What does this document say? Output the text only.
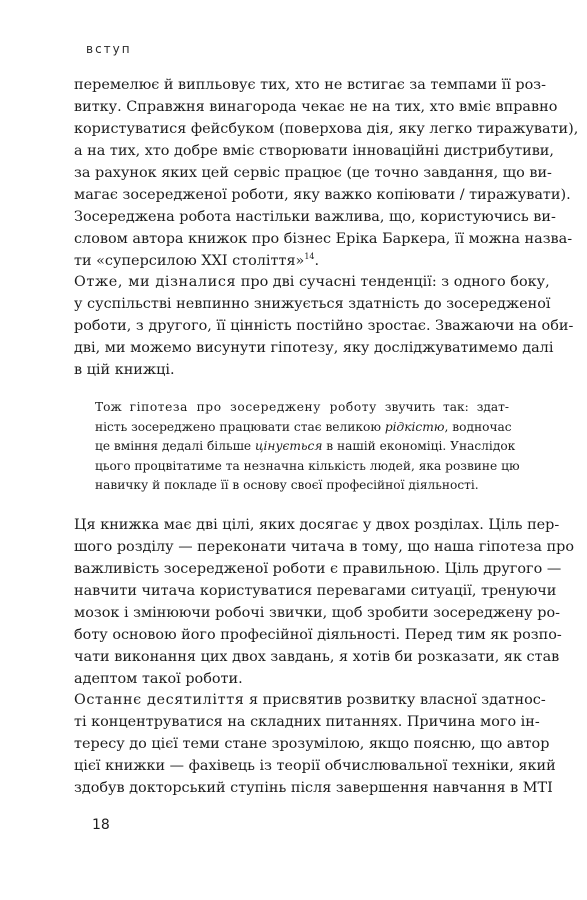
вступ

перемелює й випльовує тих, хто не встигає за темпами її роз-
витку. Справжня винагорода чекає не на тих, хто вміє вправно
користуватися фейсбуком (поверхова дія, яку легко тиражувати),
а на тих, хто добре вміє створювати інноваційні дистрибутиви,
за рахунок яких цей сервіс працює (це точно завдання, що ви-
магає зосередженої роботи, яку важко копіювати / тиражувати).
Зосереджена робота настільки важлива, що, користуючись ви-
словом автора книжок про бізнес Еріка Баркера, її можна назва-
ти «суперсилою XXI століття»$^{14}$.

Отже, ми дізналися про дві сучасні тенденції: з одного боку,
у суспільстві невпинно знижується здатність до зосередженої
роботи, з другого, її цінність постійно зростає. Зважаючи на оби-
дві, ми можемо висунути гіпотезу, яку досліджуватимемо далі
в цій книжці.

Тож гіпотеза про зосереджену роботу звучить так: здат-
ність зосереджено працювати стає великою рідкістю, водночас
це вміння дедалі більше цінується в нашій економіці. Унаслідок
цього процвітатиме та незначна кількість людей, яка розвине цю
навичку й покладе її в основу своєї професійної діяльності.

Ця книжка має дві цілі, яких досягає у двох розділах. Ціль пер-
шого розділу — переконати читача в тому, що наша гіпотеза про
важливість зосередженої роботи є правильною. Ціль другого —
навчити читача користуватися перевагами ситуації, тренуючи
мозок і змінюючи робочі звички, щоб зробити зосереджену ро-
боту основою його професійної діяльності. Перед тим як розпо-
чати виконання цих двох завдань, я хотів би розказати, як став
адептом такої роботи.

Останнє десятиліття я присвятив розвитку власної здатнос-
ті концентруватися на складних питаннях. Причина мого ін-
тересу до цієї теми стане зрозумілою, якщо поясню, що автор
цієї книжки — фахівець із теорії обчислювальної техніки, який
здобув докторський ступінь після завершення навчання в MTI

18
